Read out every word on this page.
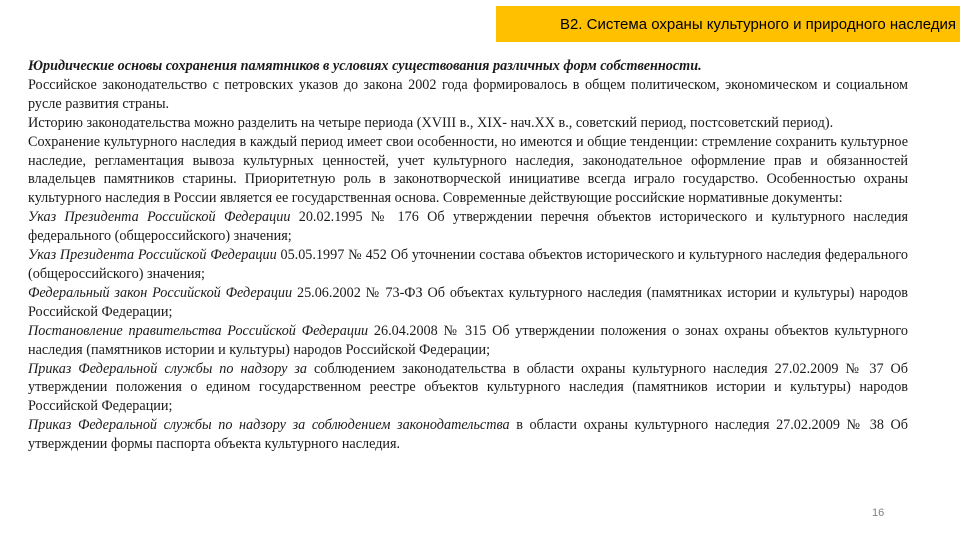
В2. Система охраны культурного и природного наследия

Юридические основы сохранения памятников в условиях существования различных форм собственности.

Российское законодательство с петровских указов до закона 2002 года формировалось в общем политическом, экономическом и социальном русле развития страны.

Историю законодательства можно разделить на четыре периода (XVIII в., XIX- нач.XX в., советский период, постсоветский период).

Сохранение культурного наследия в каждый период имеет свои особенности, но имеются и общие тенденции: стремление сохранить культурное наследие, регламентация вывоза культурных ценностей, учет культурного наследия, законодательное оформление прав и обязанностей владельцев памятников старины. Приоритетную роль в законотворческой инициативе всегда играло государство. Особенностью охраны культурного наследия в России является ее государственная основа. Современные действующие российские нормативные документы:

Указ Президента Российской Федерации 20.02.1995 № 176 Об утверждении перечня объектов исторического и культурного наследия федерального (общероссийского) значения;

Указ Президента Российской Федерации 05.05.1997 № 452 Об уточнении состава объектов исторического и культурного наследия федерального (общероссийского) значения;

Федеральный закон Российской Федерации 25.06.2002 № 73-ФЗ Об объектах культурного наследия (памятниках истории и культуры) народов Российской Федерации;

Постановление правительства Российской Федерации 26.04.2008 № 315 Об утверждении положения о зонах охраны объектов культурного наследия (памятников истории и культуры) народов Российской Федерации;

Приказ Федеральной службы по надзору за соблюдением законодательства в области охраны культурного наследия 27.02.2009 № 37 Об утверждении положения о едином государственном реестре объектов культурного наследия (памятников истории и культуры) народов Российской Федерации;

Приказ Федеральной службы по надзору за соблюдением законодательства в области охраны культурного наследия 27.02.2009 № 38 Об утверждении формы паспорта объекта культурного наследия.

16
